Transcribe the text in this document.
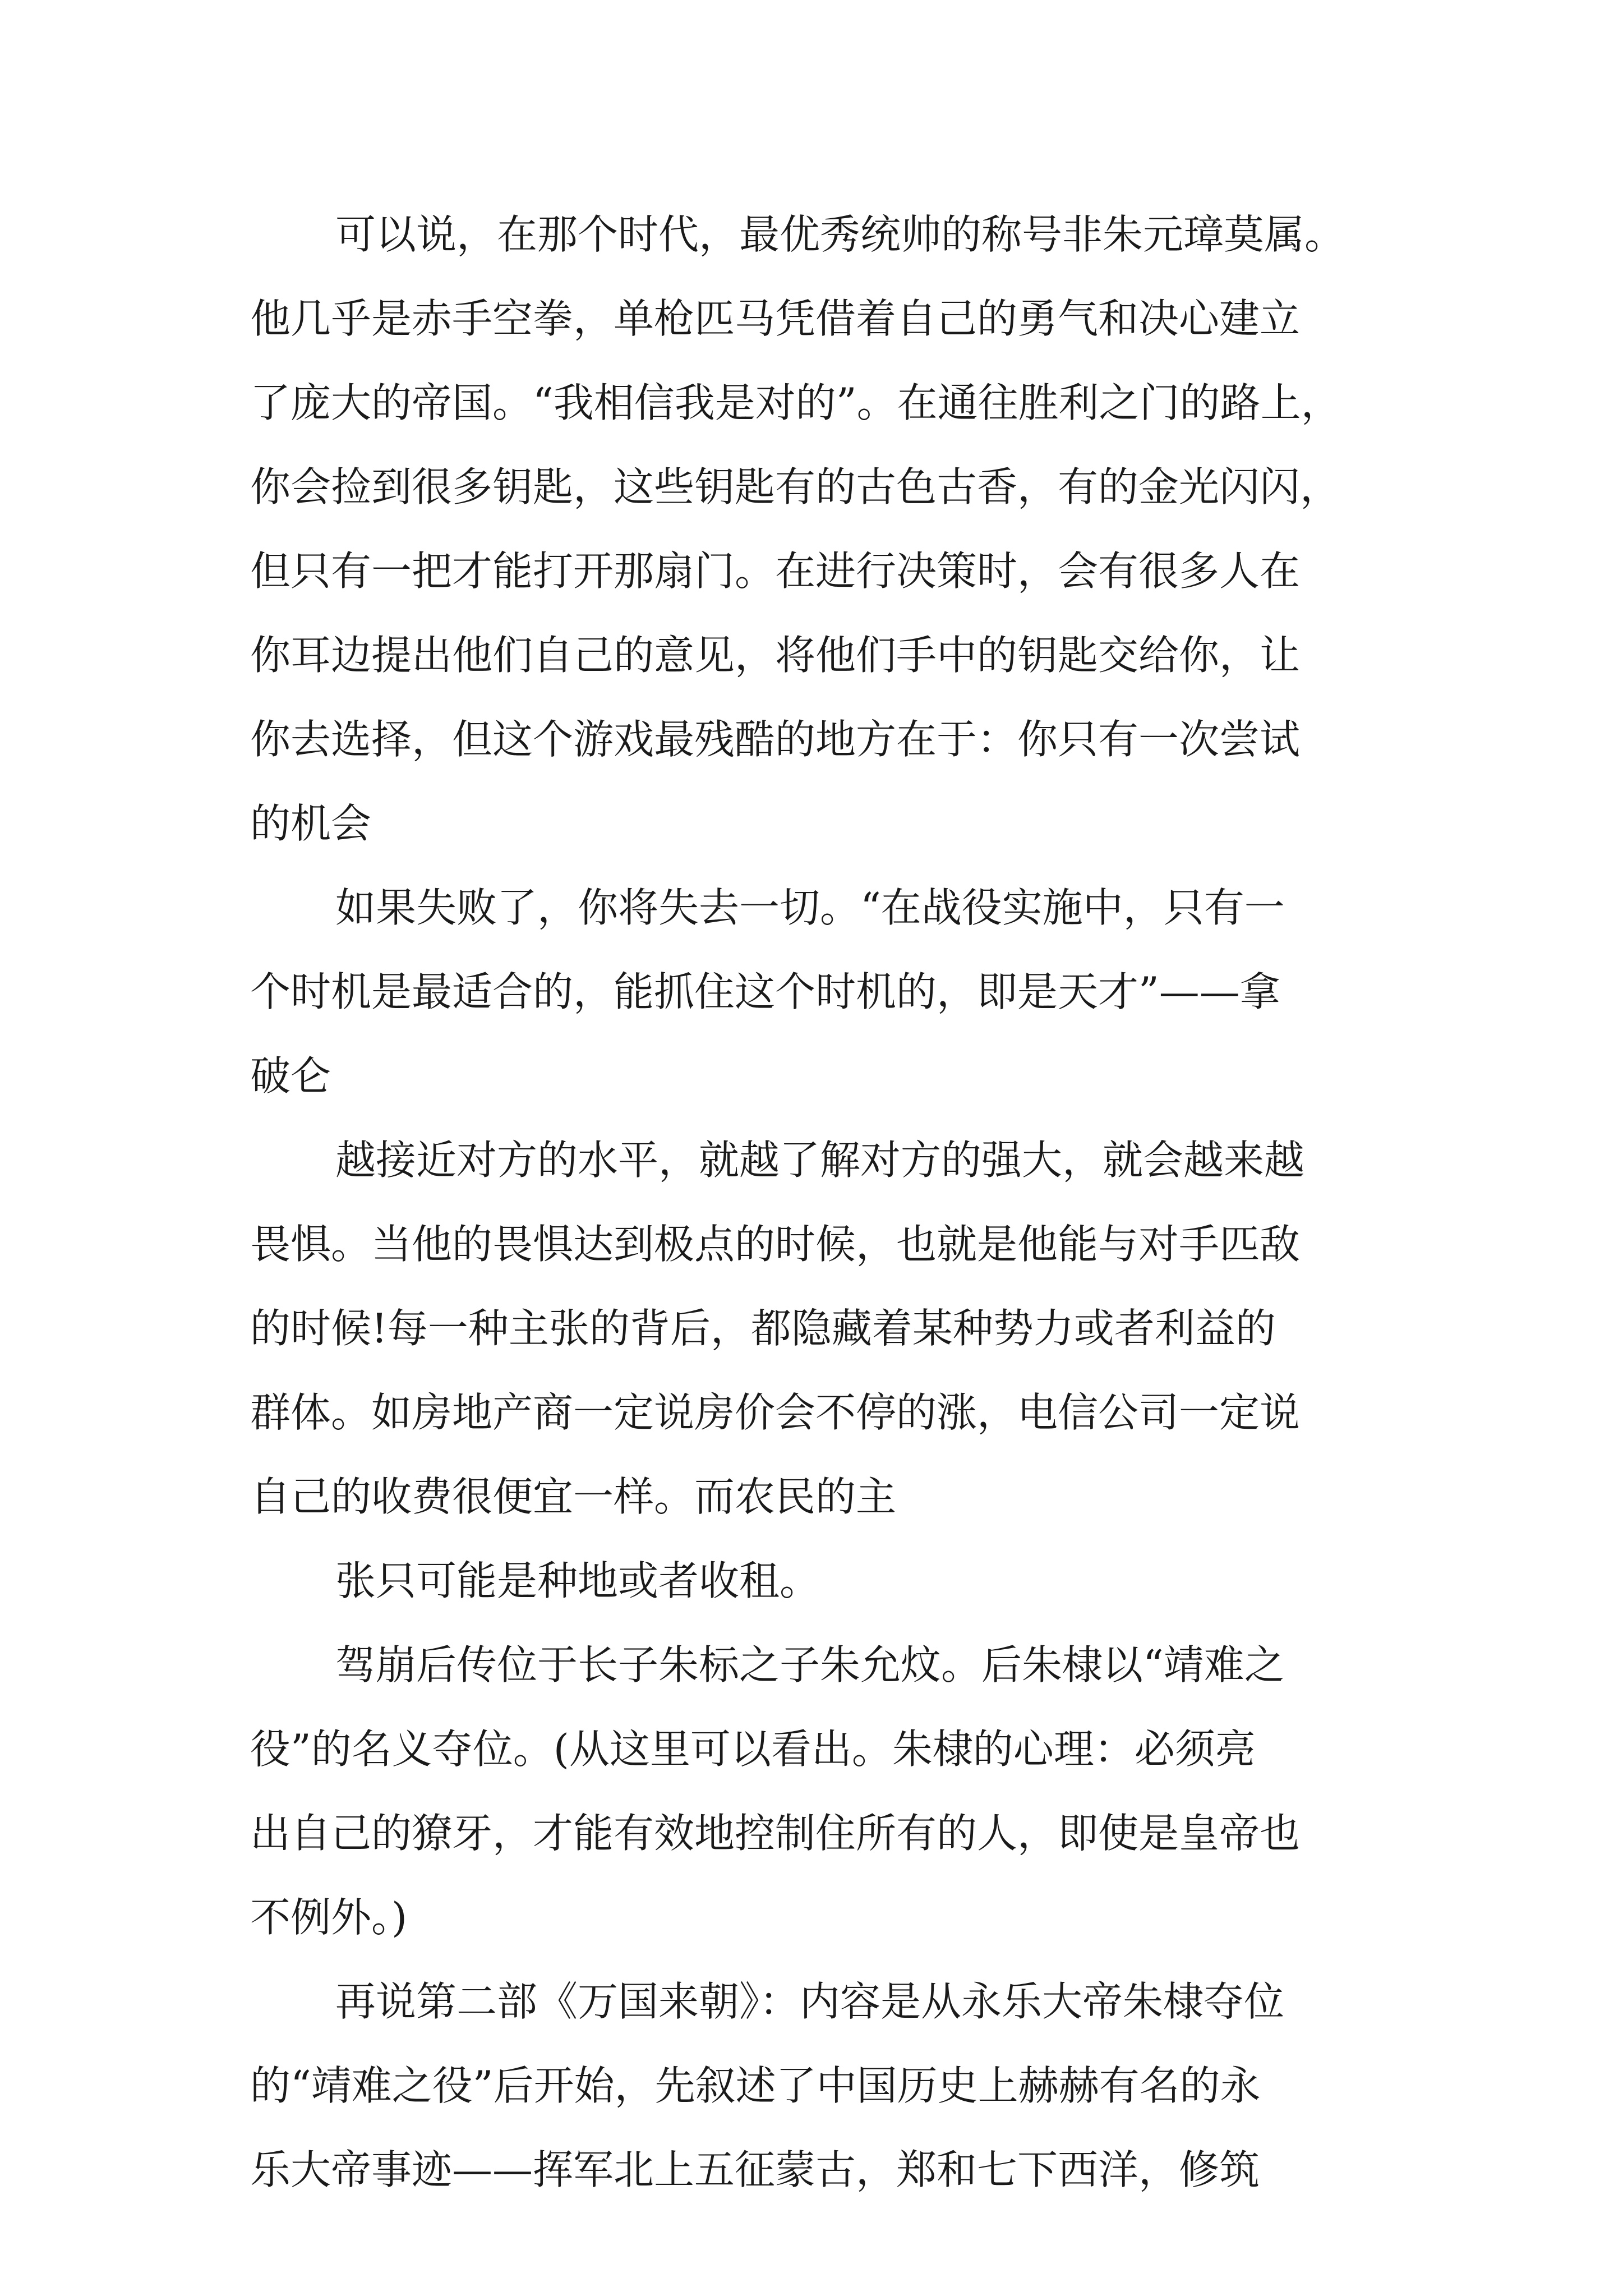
可以说，在那个时代，最优秀统帅的称号非朱元璋莫属。

他几乎是赤手空拳，单枪匹马凭借着自己的勇气和决心建立

了庞大的帝国。“我相信我是对的”。在通往胜利之门的路上，

你会捡到很多钥匙，这些钥匙有的古色古香，有的金光闪闪，

但只有一把才能打开那扇门。在进行决策时，会有很多人在

你耳边提出他们自己的意见，将他们手中的钥匙交给你，让

你去选择，但这个游戏最残酷的地方在于：你只有一次尝试

的机会

如果失败了，你将失去一切。“在战役实施中，只有一

个时机是最适合的，能抓住这个时机的，即是天才”——拿

破仑

越接近对方的水平，就越了解对方的强大，就会越来越

畏惧。当他的畏惧达到极点的时候，也就是他能与对手匹敌

的时候!每一种主张的背后，都隐藏着某种势力或者利益的

群体。如房地产商一定说房价会不停的涨，电信公司一定说

自己的收费很便宜一样。而农民的主

张只可能是种地或者收租。

驾崩后传位于长子朱标之子朱允炆。后朱棣以“靖难之

役”的名义夺位。(从这里可以看出。朱棣的心理：必须亮

出自己的獠牙，才能有效地控制住所有的人，即使是皇帝也

不例外。)

再说第二部《万国来朝》：内容是从永乐大帝朱棣夺位

的“靖难之役”后开始，先叙述了中国历史上赫赫有名的永

乐大帝事迹——挥军北上五征蒙古，郑和七下西洋，修筑
